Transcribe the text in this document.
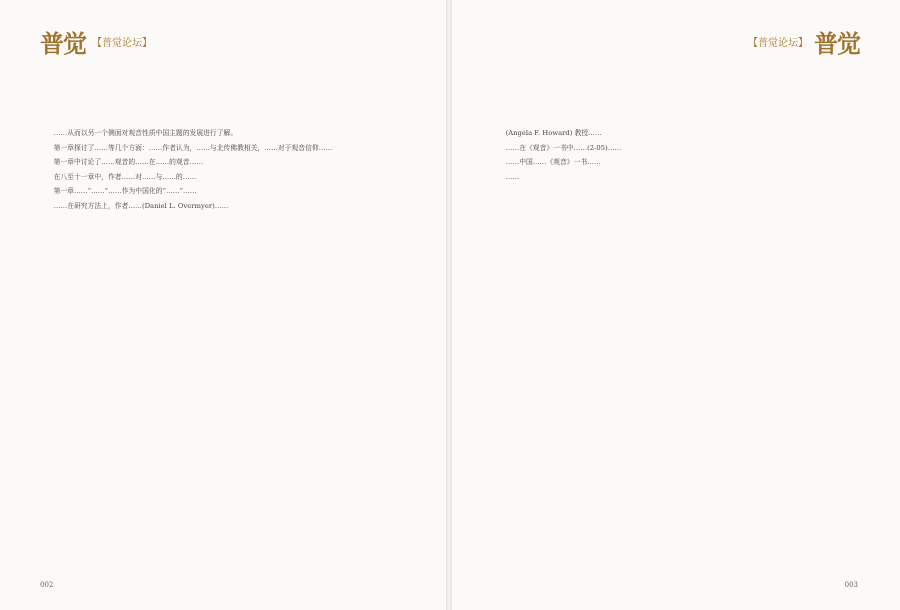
普觉 【普觉论坛】

……从而以另一个侧面对观音性质中国主题的发展进行了解。

第一章探讨了……等几个方面：……作者认为，……与北传佛教相关，……对于观音信仰……

第一章中讨论了……观音的……在……的观音……

在八至十一章中，作者……对……与……的……

第一章……“……”……作为中国化的“……”……

……在研究方法上，作者……(Daniel L. Overmyer)……

002
【普觉论坛】 普觉

(Angela F. Howard) 教授……

……在《观音》一书中……(2-05)……

……中国……《观音》一书……

……

003
